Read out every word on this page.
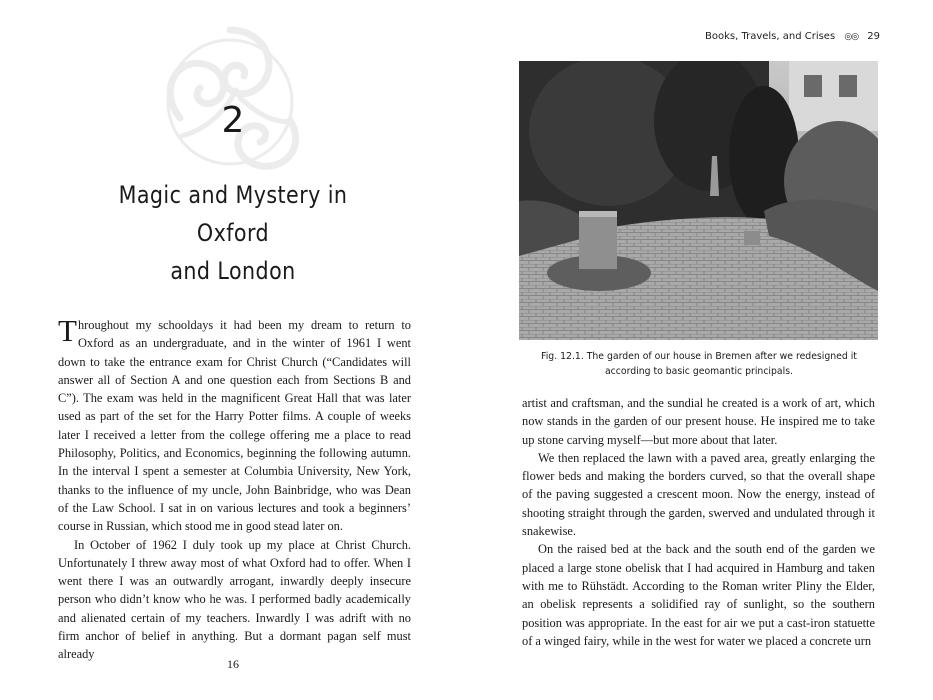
2
Magic and Mystery in Oxford
and London

Throughout my schooldays it had been my dream to return to Oxford as an undergraduate, and in the winter of 1961 I went down to take the entrance exam for Christ Church (“Candidates will answer all of Section A and one question each from Sections B and C”). The exam was held in the magnificent Great Hall that was later used as part of the set for the Harry Potter films. A couple of weeks later I received a letter from the college offering me a place to read Philosophy, Politics, and Economics, beginning the following autumn. In the interval I spent a semester at Columbia University, New York, thanks to the influence of my uncle, John Bainbridge, who was Dean of the Law School. I sat in on various lectures and took a beginners’ course in Russian, which stood me in good stead later on.

In October of 1962 I duly took up my place at Christ Church. Unfortunately I threw away most of what Oxford had to offer. When I went there I was an outwardly arrogant, inwardly deeply insecure person who didn’t know who he was. I performed badly academically and alienated certain of my teachers. Inwardly I was adrift with no firm anchor of belief in anything. But a dormant pagan self must already

16
Books, Travels, and Crises ◎◎ 29
Fig. 12.1. The garden of our house in Bremen after we redesigned it
according to basic geomantic principals.

artist and craftsman, and the sundial he created is a work of art, which now stands in the garden of our present house. He inspired me to take up stone carving myself—but more about that later.

We then replaced the lawn with a paved area, greatly enlarging the flower beds and making the borders curved, so that the overall shape of the paving suggested a crescent moon. Now the energy, instead of shooting straight through the garden, swerved and undulated through it snakewise.

On the raised bed at the back and the south end of the garden we placed a large stone obelisk that I had acquired in Hamburg and taken with me to Rühstädt. According to the Roman writer Pliny the Elder, an obelisk represents a solidified ray of sunlight, so the southern position was appropriate. In the east for air we put a cast-iron statuette of a winged fairy, while in the west for water we placed a concrete urn
